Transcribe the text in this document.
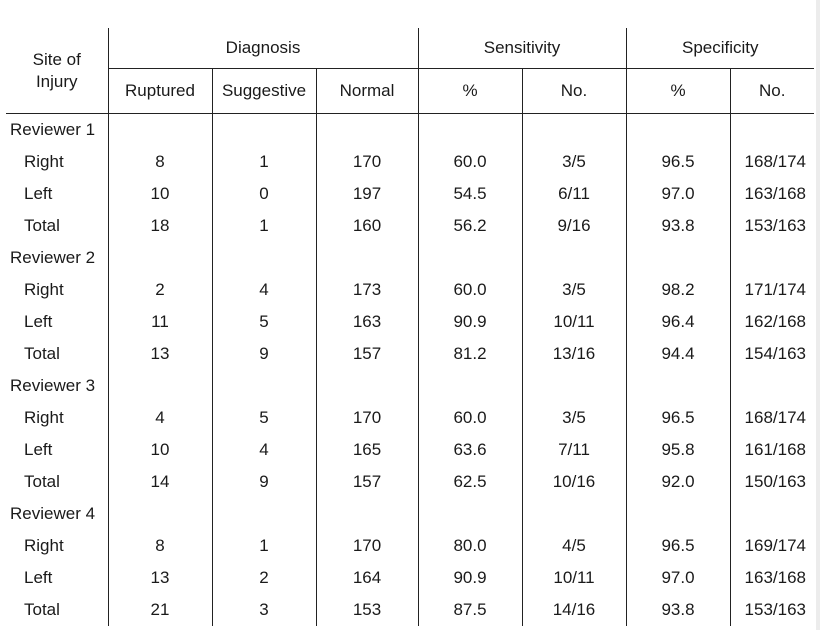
Site of
Injury	Diagnosis			Sensitivity		Specificity	
	Ruptured	Suggestive	Normal	%	No.	%	No.
Reviewer 1							
Right	8	1	170	60.0	3/5	96.5	168/174
Left	10	0	197	54.5	6/11	97.0	163/168
Total	18	1	160	56.2	9/16	93.8	153/163
Reviewer 2							
Right	2	4	173	60.0	3/5	98.2	171/174
Left	11	5	163	90.9	10/11	96.4	162/168
Total	13	9	157	81.2	13/16	94.4	154/163
Reviewer 3							
Right	4	5	170	60.0	3/5	96.5	168/174
Left	10	4	165	63.6	7/11	95.8	161/168
Total	14	9	157	62.5	10/16	92.0	150/163
Reviewer 4							
Right	8	1	170	80.0	4/5	96.5	169/174
Left	13	2	164	90.9	10/11	97.0	163/168
Total	21	3	153	87.5	14/16	93.8	153/163
